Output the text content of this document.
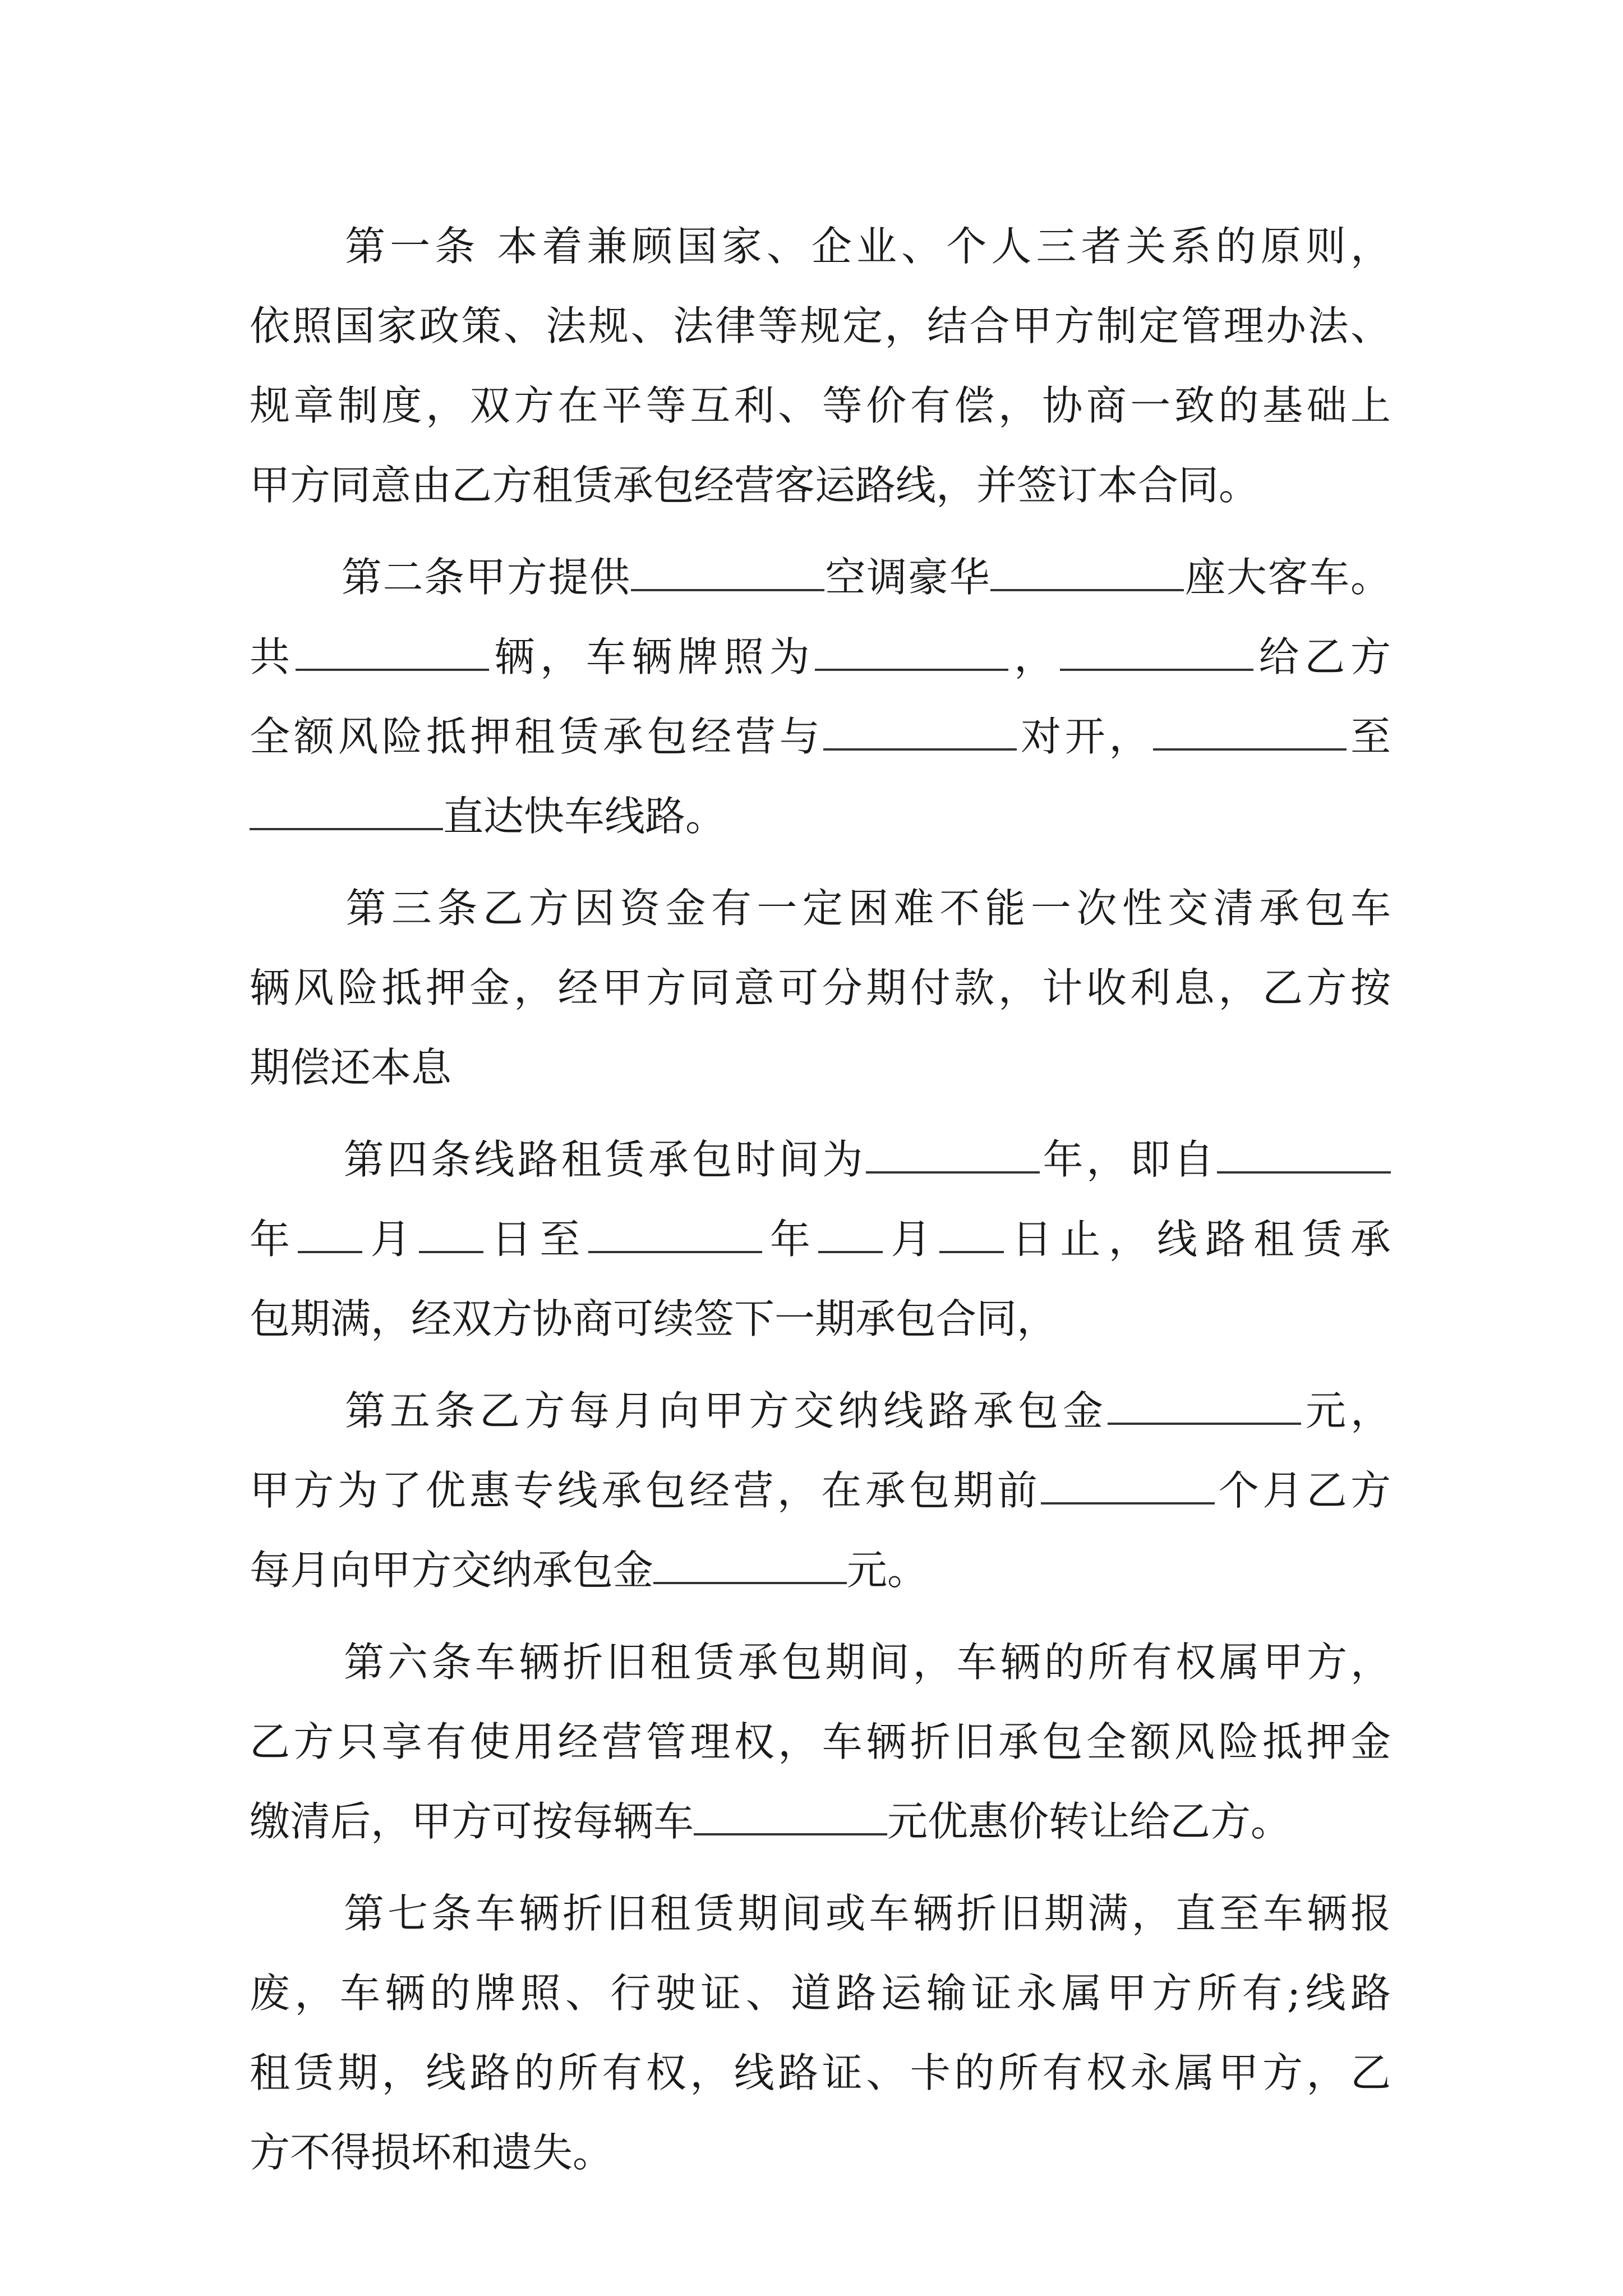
第一条 本着兼顾国家、企业、个人三者关系的原则，
依照国家政策、法规、法律等规定，结合甲方制定管理办法、
规章制度，双方在平等互利、等价有偿，协商一致的基础上
甲方同意由乙方租赁承包经营客运路线，并签订本合同。
第二条甲方提供	空调豪华	座大客车。
共	辆，车辆牌照为	，	给乙方
全额风险抵押租赁承包经营与	对开，	至
直达快车线路。
第三条乙方因资金有一定困难不能一次性交清承包车
辆风险抵押金，经甲方同意可分期付款，计收利息，乙方按
期偿还本息
第四条线路租赁承包时间为	年，即自
年 月 日至	年 月 日止，线路租赁承
包期满，经双方协商可续签下一期承包合同，
第五条乙方每月向甲方交纳线路承包金	元，
甲方为了优惠专线承包经营，在承包期前	个月乙方
每月向甲方交纳承包金	元。
第六条车辆折旧租赁承包期间，车辆的所有权属甲方，
乙方只享有使用经营管理权，车辆折旧承包全额风险抵押金
缴清后，甲方可按每辆车	元优惠价转让给乙方。
第七条车辆折旧租赁期间或车辆折旧期满，直至车辆报
废，车辆的牌照、行驶证、道路运输证永属甲方所有;线路
租赁期，线路的所有权，线路证、卡的所有权永属甲方，乙
方不得损坏和遗失。
